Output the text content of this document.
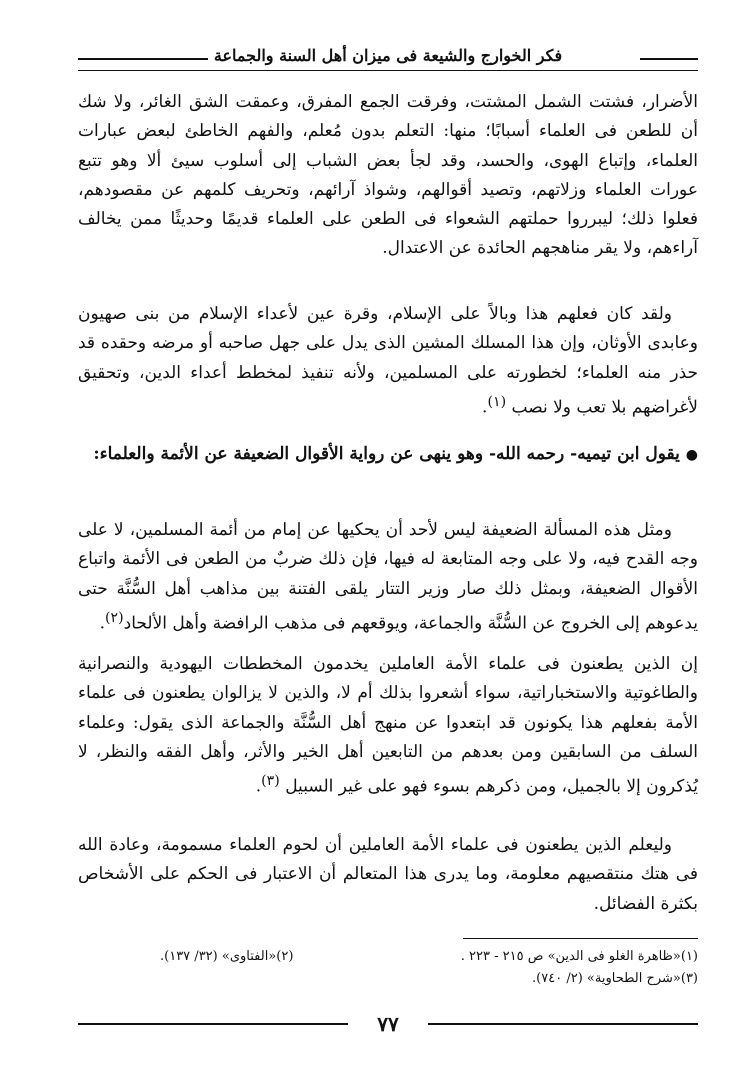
فكر الخوارج والشيعة فى ميزان أهل السنة والجماعة

الأضرار، فشتت الشمل المشتت، وفرقت الجمع المفرق، وعمقت الشق الغائر، ولا شك أن للطعن فى العلماء أسبابًا؛ منها: التعلم بدون مُعلم، والفهم الخاطئ لبعض عبارات العلماء، وإتباع الهوى، والحسد، وقد لجأ بعض الشباب إلى أسلوب سيئ ألا وهو تتبع عورات العلماء وزلاتهم، وتصيد أقوالهم، وشواذ آرائهم، وتحريف كلمهم عن مقصودهم، فعلوا ذلك؛ ليبرروا حملتهم الشعواء فى الطعن على العلماء قديمًا وحديثًا ممن يخالف آراءهم، ولا يقر مناهجهم الحائدة عن الاعتدال.

ولقد كان فعلهم هذا وبالاً على الإسلام، وقرة عين لأعداء الإسلام من بنى صهيون وعابدى الأوثان، وإن هذا المسلك المشين الذى يدل على جهل صاحبه أو مرضه وحقده قد حذر منه العلماء؛ لخطورته على المسلمين، ولأنه تنفيذ لمخطط أعداء الدين، وتحقيق لأغراضهم بلا تعب ولا نصب $^{(١)}$.

● يقول ابن تيميه- رحمه الله- وهو ينهى عن رواية الأقوال الضعيفة عن الأئمة والعلماء:

ومثل هذه المسألة الضعيفة ليس لأحد أن يحكيها عن إمام من أئمة المسلمين، لا على وجه القدح فيه، ولا على وجه المتابعة له فيها، فإن ذلك ضربٌ من الطعن فى الأئمة واتباع الأقوال الضعيفة، وبمثل ذلك صار وزير التتار يلقى الفتنة بين مذاهب أهل السُّنَّة حتى يدعوهم إلى الخروج عن السُّنَّة والجماعة، ويوقعهم فى مذهب الرافضة وأهل الألحاد$^{(٢)}$.

إن الذين يطعنون فى علماء الأمة العاملين يخدمون المخططات اليهودية والنصرانية والطاغوتية والاستخباراتية، سواء أشعروا بذلك أم لا، والذين لا يزالوان يطعنون فى علماء الأمة بفعلهم هذا يكونون قد ابتعدوا عن منهج أهل السُّنَّة والجماعة الذى يقول: وعلماء السلف من السابقين ومن بعدهم من التابعين أهل الخير والأثر، وأهل الفقه والنظر، لا يُذكرون إلا بالجميل، ومن ذكرهم بسوء فهو على غير السبيل $^{(٣)}$.

وليعلم الذين يطعنون فى علماء الأمة العاملين أن لحوم العلماء مسمومة، وعادة الله فى هتك منتقصيهم معلومة، وما يدرى هذا المتعالم أن الاعتبار فى الحكم على الأشخاص بكثرة الفضائل.

(١)«ظاهرة الغلو فى الدين» ص ٢١٥ - ٢٢٣ .
(٢)«الفتاوى» (٣٢/ ١٣٧).
(٣)«شرح الطحاوية» (٢/ ٧٤٠).
٧٧
